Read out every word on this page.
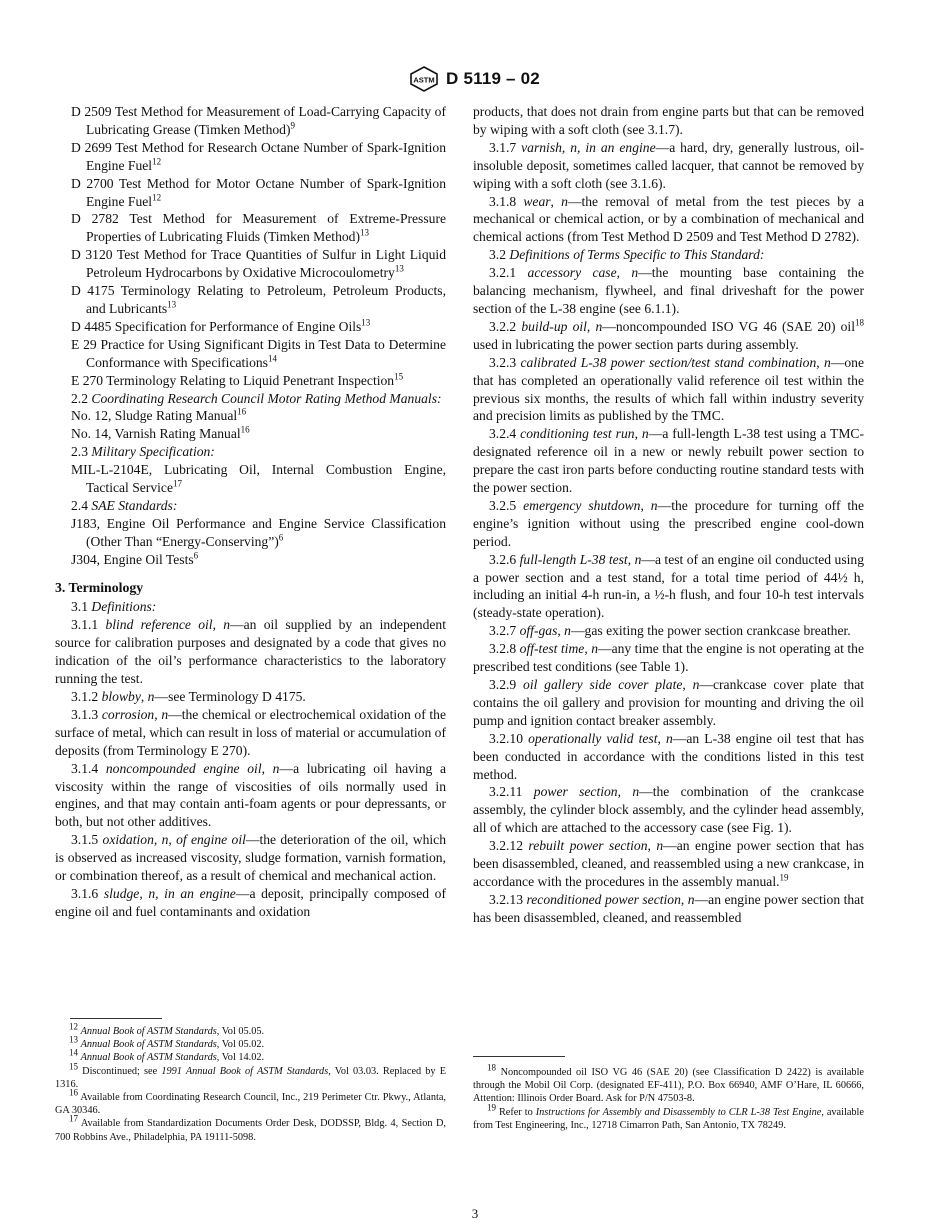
ASTM D 5119 – 02

D 2509 Test Method for Measurement of Load-Carrying Capacity of Lubricating Grease (Timken Method)$^9$

D 2699 Test Method for Research Octane Number of Spark-Ignition Engine Fuel$^{12}$

D 2700 Test Method for Motor Octane Number of Spark-Ignition Engine Fuel$^{12}$

D 2782 Test Method for Measurement of Extreme-Pressure Properties of Lubricating Fluids (Timken Method)$^{13}$

D 3120 Test Method for Trace Quantities of Sulfur in Light Liquid Petroleum Hydrocarbons by Oxidative Microcoulometry$^{13}$

D 4175 Terminology Relating to Petroleum, Petroleum Products, and Lubricants$^{13}$

D 4485 Specification for Performance of Engine Oils$^{13}$

E 29 Practice for Using Significant Digits in Test Data to Determine Conformance with Specifications$^{14}$

E 270 Terminology Relating to Liquid Penetrant Inspection$^{15}$

2.2 Coordinating Research Council Motor Rating Method Manuals:

No. 12, Sludge Rating Manual$^{16}$

No. 14, Varnish Rating Manual$^{16}$

2.3 Military Specification:

MIL-L-2104E, Lubricating Oil, Internal Combustion Engine, Tactical Service$^{17}$

2.4 SAE Standards:

J183, Engine Oil Performance and Engine Service Classification (Other Than “Energy-Conserving”)$^6$

J304, Engine Oil Tests$^6$

3. Terminology

3.1 Definitions:

3.1.1 blind reference oil, n—an oil supplied by an independent source for calibration purposes and designated by a code that gives no indication of the oil’s performance characteristics to the laboratory running the test.

3.1.2 blowby, n—see Terminology D 4175.

3.1.3 corrosion, n—the chemical or electrochemical oxidation of the surface of metal, which can result in loss of material or accumulation of deposits (from Terminology E 270).

3.1.4 noncompounded engine oil, n—a lubricating oil having a viscosity within the range of viscosities of oils normally used in engines, and that may contain anti-foam agents or pour depressants, or both, but not other additives.

3.1.5 oxidation, n, of engine oil—the deterioration of the oil, which is observed as increased viscosity, sludge formation, varnish formation, or combination thereof, as a result of chemical and mechanical action.

3.1.6 sludge, n, in an engine—a deposit, principally composed of engine oil and fuel contaminants and oxidation

products, that does not drain from engine parts but that can be removed by wiping with a soft cloth (see 3.1.7).

3.1.7 varnish, n, in an engine—a hard, dry, generally lustrous, oil-insoluble deposit, sometimes called lacquer, that cannot be removed by wiping with a soft cloth (see 3.1.6).

3.1.8 wear, n—the removal of metal from the test pieces by a mechanical or chemical action, or by a combination of mechanical and chemical actions (from Test Method D 2509 and Test Method D 2782).

3.2 Definitions of Terms Specific to This Standard:

3.2.1 accessory case, n—the mounting base containing the balancing mechanism, flywheel, and final driveshaft for the power section of the L-38 engine (see 6.1.1).

3.2.2 build-up oil, n—noncompounded ISO VG 46 (SAE 20) oil$^{18}$ used in lubricating the power section parts during assembly.

3.2.3 calibrated L-38 power section/test stand combination, n—one that has completed an operationally valid reference oil test within the previous six months, the results of which fall within industry severity and precision limits as published by the TMC.

3.2.4 conditioning test run, n—a full-length L-38 test using a TMC-designated reference oil in a new or newly rebuilt power section to prepare the cast iron parts before conducting routine standard tests with the power section.

3.2.5 emergency shutdown, n—the procedure for turning off the engine’s ignition without using the prescribed engine cool-down period.

3.2.6 full-length L-38 test, n—a test of an engine oil conducted using a power section and a test stand, for a total time period of 44½ h, including an initial 4-h run-in, a ½-h flush, and four 10-h test intervals (steady-state operation).

3.2.7 off-gas, n—gas exiting the power section crankcase breather.

3.2.8 off-test time, n—any time that the engine is not operating at the prescribed test conditions (see Table 1).

3.2.9 oil gallery side cover plate, n—crankcase cover plate that contains the oil gallery and provision for mounting and driving the oil pump and ignition contact breaker assembly.

3.2.10 operationally valid test, n—an L-38 engine oil test that has been conducted in accordance with the conditions listed in this test method.

3.2.11 power section, n—the combination of the crankcase assembly, the cylinder block assembly, and the cylinder head assembly, all of which are attached to the accessory case (see Fig. 1).

3.2.12 rebuilt power section, n—an engine power section that has been disassembled, cleaned, and reassembled using a new crankcase, in accordance with the procedures in the assembly manual.$^{19}$

3.2.13 reconditioned power section, n—an engine power section that has been disassembled, cleaned, and reassembled

$^{12}$ Annual Book of ASTM Standards, Vol 05.05.

$^{13}$ Annual Book of ASTM Standards, Vol 05.02.

$^{14}$ Annual Book of ASTM Standards, Vol 14.02.

$^{15}$ Discontinued; see 1991 Annual Book of ASTM Standards, Vol 03.03. Replaced by E 1316.

$^{16}$ Available from Coordinating Research Council, Inc., 219 Perimeter Ctr. Pkwy., Atlanta, GA 30346.

$^{17}$ Available from Standardization Documents Order Desk, DODSSP, Bldg. 4, Section D, 700 Robbins Ave., Philadelphia, PA 19111-5098.

$^{18}$ Noncompounded oil ISO VG 46 (SAE 20) (see Classification D 2422) is available through the Mobil Oil Corp. (designated EF-411), P.O. Box 66940, AMF O’Hare, IL 60666, Attention: Illinois Order Board. Ask for P/N 47503-8.

$^{19}$ Refer to Instructions for Assembly and Disassembly to CLR L-38 Test Engine, available from Test Engineering, Inc., 12718 Cimarron Path, San Antonio, TX 78249.

3
